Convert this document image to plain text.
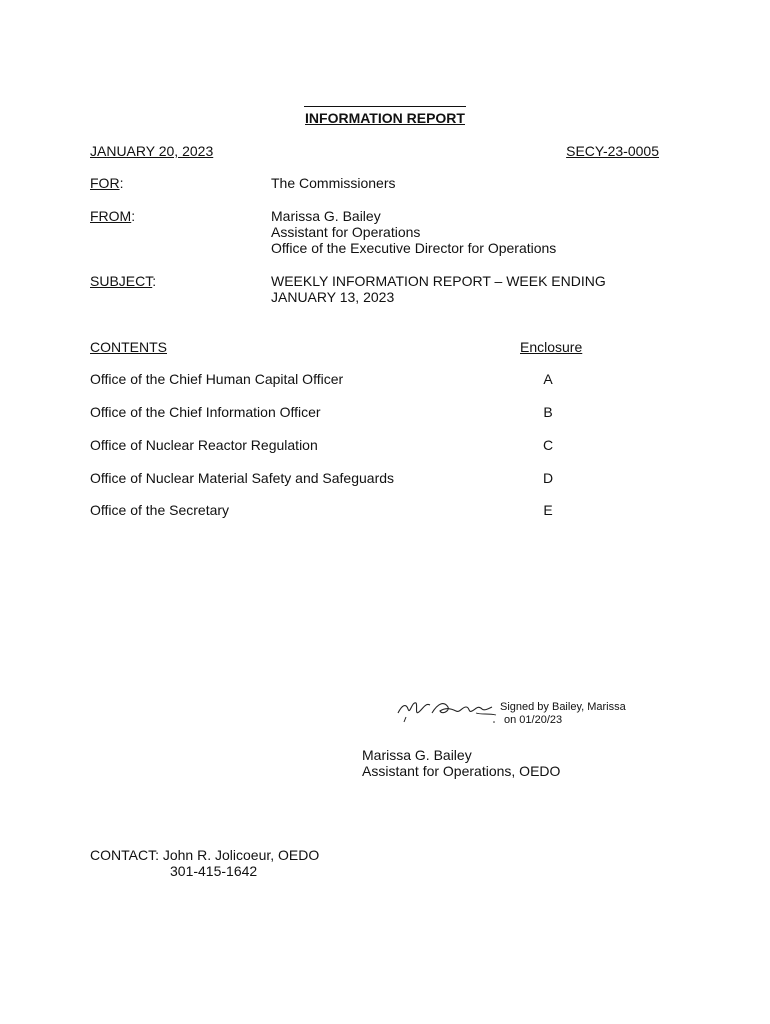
INFORMATION REPORT
JANUARY 20, 2023	SECY-23-0005
FOR:	The Commissioners
FROM:	Marissa G. Bailey
Assistant for Operations
Office of the Executive Director for Operations
SUBJECT:	WEEKLY INFORMATION REPORT – WEEK ENDING
JANUARY 13, 2023
CONTENTS	Enclosure
Office of the Chief Human Capital Officer	A
Office of the Chief Information Officer	B
Office of Nuclear Reactor Regulation	C
Office of Nuclear Material Safety and Safeguards	D
Office of the Secretary	E
Signed by Bailey, Marissa
on 01/20/23
Marissa G. Bailey
Assistant for Operations, OEDO
CONTACT: John R. Jolicoeur, OEDO
301-415-1642
